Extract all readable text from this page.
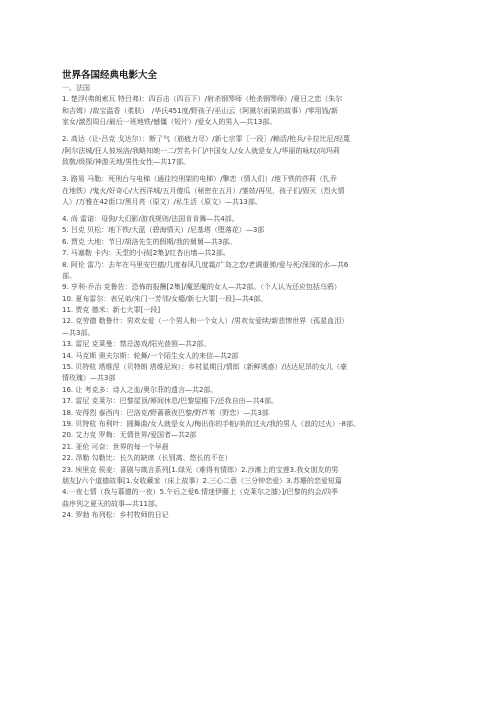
世界各国经典电影大全
一、法国
1. 楚浮(弗朗索瓦 特吕弗)：四百击（四百下）/射杀钢琴师（枪杀钢琴师）/夏日之恋（朱尔
和吉姆）/敌宝温香（柔肤）　/华氏451度/野孩子/巫山云（阿黛尔雨果的故事）/零用钱/新
家女/激烈周日/最后一班地铁/憾僵（短片）/爱女人的男人—共13部。
2. 高达（让-吕克 戈达尔）：断了气（筋疲力尽）/新七宗罪［一段］/赖活/枪兵/卡拉比尼/轻蔑
/阿尔法城/狂人彼埃洛/我略知她一二/芳名卡门/中国女人/女人就是女人/华丽的咏叹/向玛莉
致敬/级探/神游天地/男性女性—共17部。
3. 路易 马勒：死刑台与电梯（通往绞刑架的电梯）/擎恋（情人们）/地下铁的莎莉（扎乔
在地铁）/鬼火/好奇心/大西洋城/五月傻瓜（秘密在五月）/雏妓/再见，孩子们/毁灭（烈火情
人）/万雅在42街口/黑月亮（原文）/私生活（原文）—共13部。
4. 尚 雷诺：母狗/大幻影/游戏规则/法国肯肯舞—共4部。
5. 吕克 贝松：地下铁/大蓝（碧海情天）/尼基塔（堕落花）—3部
6. 贾克 大地：节日/胡洛先生的假期/我的舅舅—共3部。
7. 马塞勒 卡内：天堂的小孩[2集]/红杏出墙—共2部。
8. 阿伦 雷乃：去年在马里安巴德/几度春风几度霜/广岛之恋/老调重弹/爱与死/深深的水—共6
部。
9. 亨利-乔治 克鲁佐：恐怖的报酬[2集]/魔恶魔的女人—共2部。（个人认为还应包括乌鸦）
10. 夏布雷尔：表兄弟/朱门一芳邻/女瘾/新七大罪[一段]—共4部。
11. 贾克 德米：新七大罪[一段]
12. 克劳德 勒鲁什：男欢女爱（一个男人和一个女人）/男欢女爱续/新悲惨世界（孤星血泪）
—共3部。
13. 雷尼 克莱曼：禁忌游戏/阳光普照—共2部。
14. 马克斯 奥夫尔斯：轮舞/一个陌生女人的来信—共2部
15. 贝特杭 塔维涅（贝特朗 塔维尼埃）：乡村星期日/情郎（新鲜诱惑）/达达尼昂的女儿（豪
情玫瑰）—共3部
16. 让 考克多：诗人之血/奥尔菲的遗言—共2部。
17. 雷尼 克莱尔：巴黎屋顶/幂间休息/巴黎屋檐下/还我自由—共4部。
18. 安得烈 泰西内：巴洛克/野蔷薇夜巴黎/野芦苇（野恋）—共3部
19. 贝特杭 布利叶：圆舞曲/女人就是女人/梅出你的手帕/美的过火/我的男人（浪的过火）-8部。
20. 艾力克 罗梅：无情世界/爱国者—共2部
21. 亚伦 可奈：世界的每一个早晨
22. 昂勒 勾勒比：长久的缺席（长别离、悠长的不在）
23. 埃里克 侯麦：喜剧与箴言系列[1.绿光（难得有情郎）2.沙滩上的宝莲3.我女朋友的男
朋友]/六个道德故事[1.女收藏家（床上故事）2.三心二意（三分钟恋爱）3.苏珊的恋爱短篇
4.一夜七情（我与慕德的一夜）5.午后之爱6.情迷伊藤上（克莱尔之膝）]/巴黎的约会/四季
曲序列之夏天的故事—共11部。
24. 罗勃 布列松：乡村牧师的日记
